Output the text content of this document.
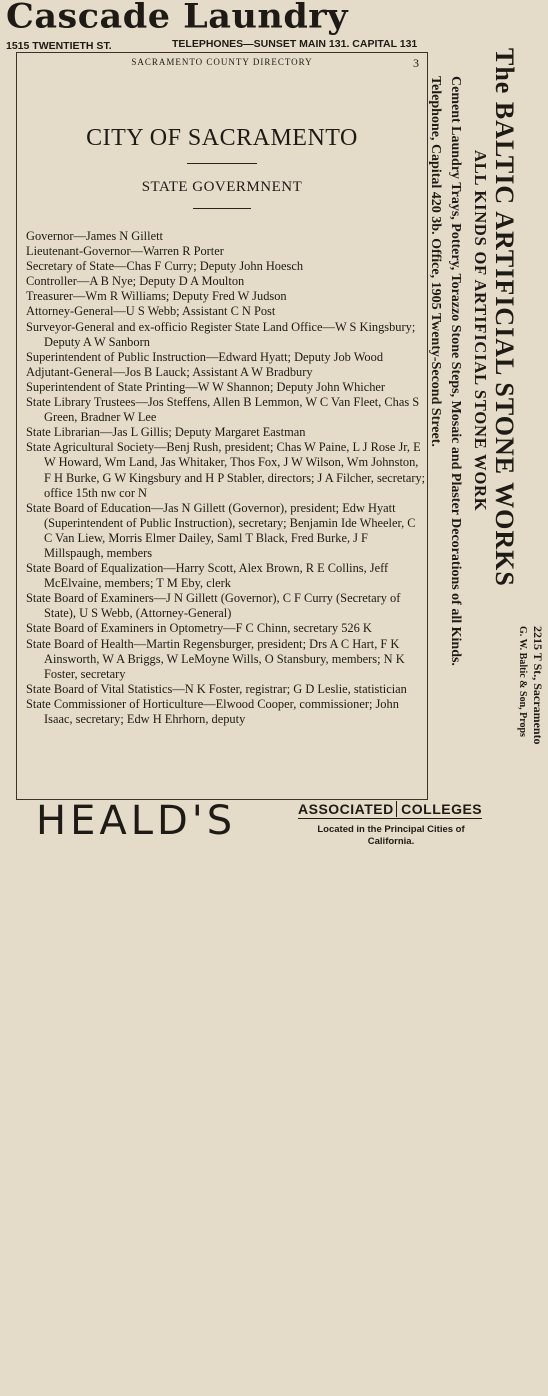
Cascade Laundry
1515 TWENTIETH ST.	TELEPHONES—SUNSET MAIN 131. CAPITAL 131
SACRAMENTO COUNTY DIRECTORY	3
CITY OF SACRAMENTO
STATE GOVERMNENT
Governor—James N Gillett
Lieutenant-Governor—Warren R Porter
Secretary of State—Chas F Curry; Deputy John Hoesch
Controller—A B Nye; Deputy D A Moulton
Treasurer—Wm R Williams; Deputy Fred W Judson
Attorney-General—U S Webb; Assistant C N Post
Surveyor-General and ex-officio Register State Land Office—W S Kingsbury; Deputy A W Sanborn
Superintendent of Public Instruction—Edward Hyatt; Deputy Job Wood
Adjutant-General—Jos B Lauck; Assistant A W Bradbury
Superintendent of State Printing—W W Shannon; Deputy John Whicher
State Library Trustees—Jos Steffens, Allen B Lemmon, W C Van Fleet, Chas S Green, Bradner W Lee
State Librarian—Jas L Gillis; Deputy Margaret Eastman
State Agricultural Society—Benj Rush, president; Chas W Paine, L J Rose Jr, E W Howard, Wm Land, Jas Whitaker, Thos Fox, J W Wilson, Wm Johnston, F H Burke, G W Kingsbury and H P Stabler, directors; J A Filcher, secretary; office 15th nw cor N
State Board of Education—Jas N Gillett (Governor), president; Edw Hyatt (Superintendent of Public Instruction), secretary; Benjamin Ide Wheeler, C C Van Liew, Morris Elmer Dailey, Saml T Black, Fred Burke, J F Millspaugh, members
State Board of Equalization—Harry Scott, Alex Brown, R E Collins, Jeff McElvaine, members; T M Eby, clerk
State Board of Examiners—J N Gillett (Governor), C F Curry (Secretary of State), U S Webb, (Attorney-General)
State Board of Examiners in Optometry—F C Chinn, secretary 526 K
State Board of Health—Martin Regensburger, president; Drs A C Hart, F K Ainsworth, W A Briggs, W LeMoyne Wills, O Stansbury, members; N K Foster, secretary
State Board of Vital Statistics—N K Foster, registrar; G D Leslie, statistician
State Commissioner of Horticulture—Elwood Cooper, commissioner; John Isaac, secretary; Edw H Ehrhorn, deputy
The BALTIC ARTIFICIAL STONE WORKS
ALL KINDS OF ARTIFICIAL STONE WORK
Cement Laundry Trays, Pottery, Torazzo Stone Steps, Mosaic and Plaster Decorations of all Kinds.
Telephone, Capital 420 3b. Office, 1905 Twenty-Second Street.
2215 T St., Sacramento
G. W. Baltic & Son, Props
HEALD'S	ASSOCIATED COLLEGES
Located in the Principal Cities of California.
